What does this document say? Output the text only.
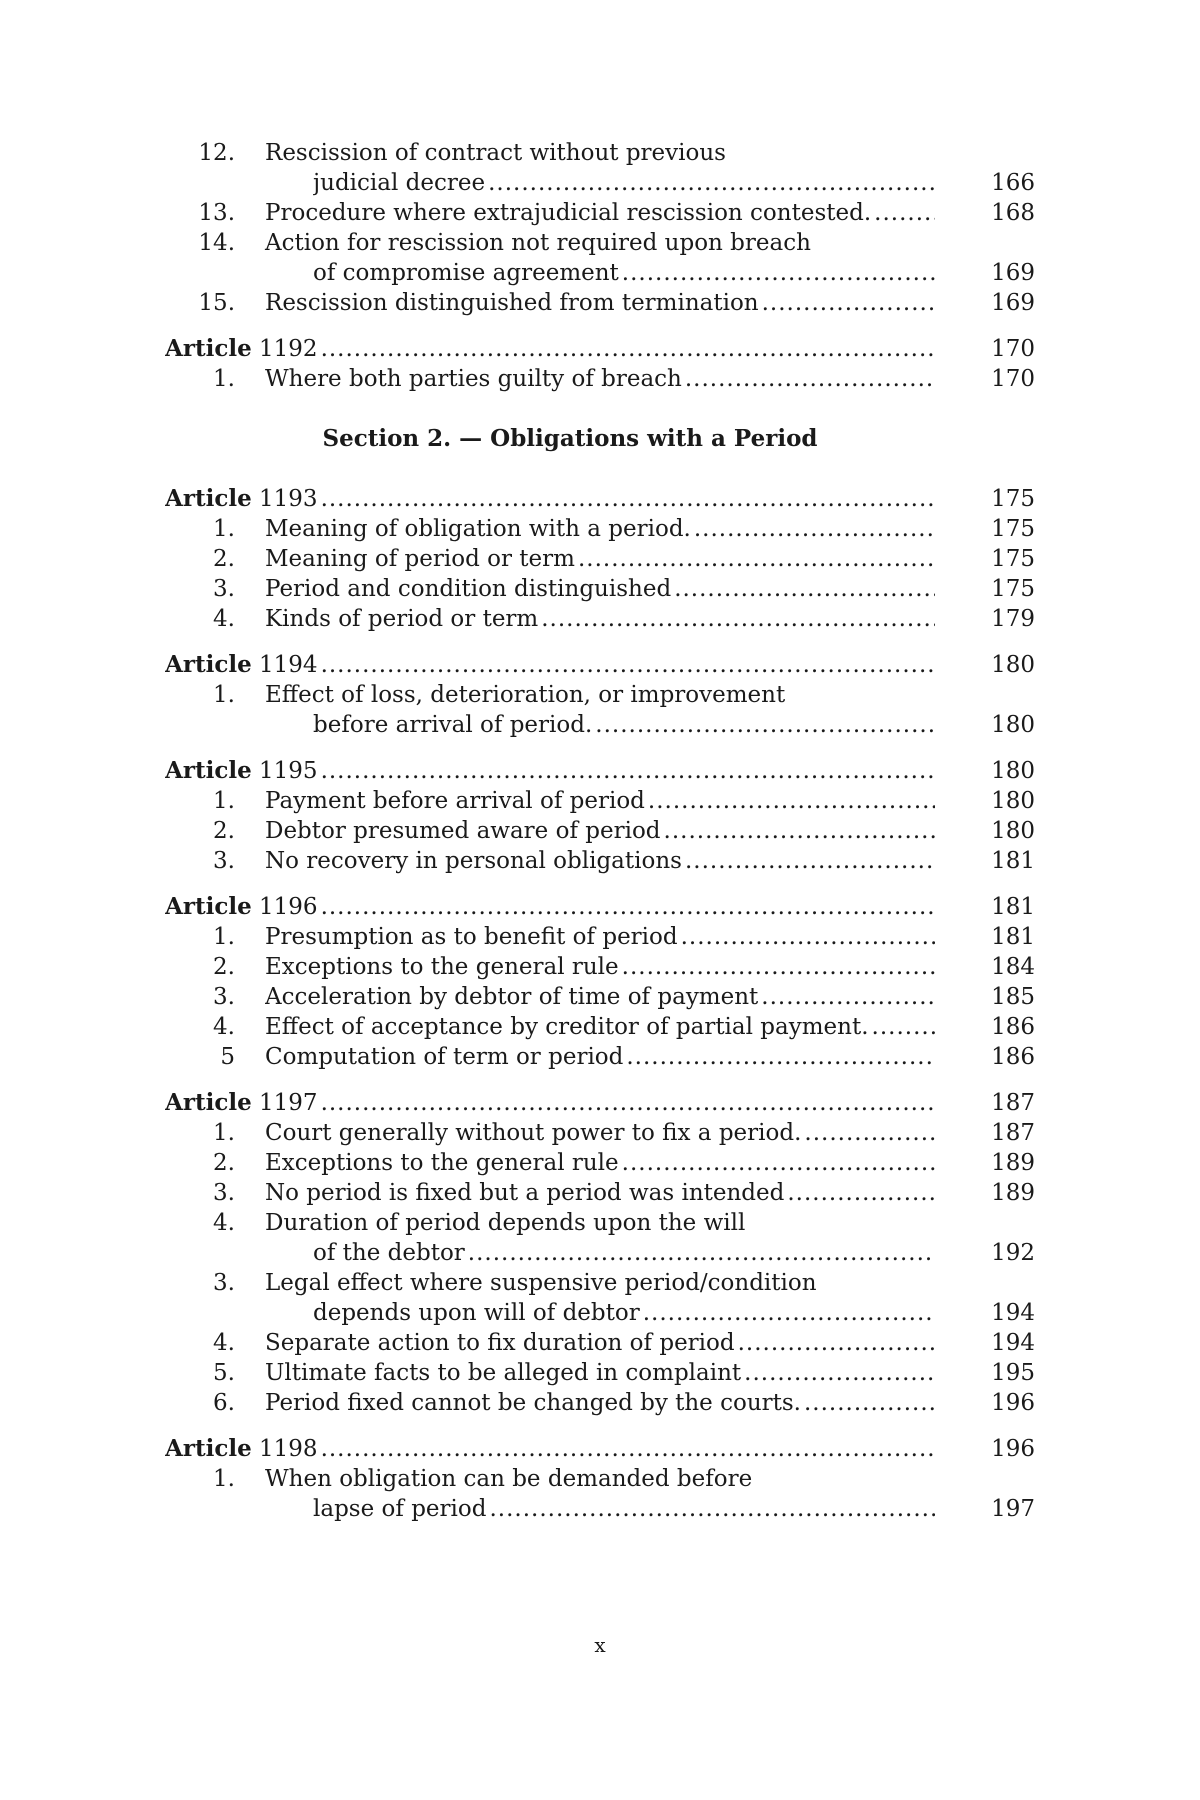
12. Rescission of contract without previous
judicial decree .....	166
13. Procedure where extrajudicial rescission contested. .....	168
14. Action for rescission not required upon breach
of compromise agreement .....	169
15. Rescission distinguished from termination .....	169
Article 1192 .....	170
1. Where both parties guilty of breach .....	170
Section 2. — Obligations with a Period
Article 1193 .....	175
1. Meaning of obligation with a period. .....	175
2. Meaning of period or term .....	175
3. Period and condition distinguished .....	175
4. Kinds of period or term .....	179
Article 1194 .....	180
1. Effect of loss, deterioration, or improvement
before arrival of period. .....	180
Article 1195 .....	180
1. Payment before arrival of period .....	180
2. Debtor presumed aware of period .....	180
3. No recovery in personal obligations .....	181
Article 1196 .....	181
1. Presumption as to benefit of period .....	181
2. Exceptions to the general rule .....	184
3. Acceleration by debtor of time of payment .....	185
4. Effect of acceptance by creditor of partial payment. .....	186
5 Computation of term or period .....	186
Article 1197 .....	187
1. Court generally without power to fix a period. .....	187
2. Exceptions to the general rule .....	189
3. No period is fixed but a period was intended .....	189
4. Duration of period depends upon the will
of the debtor .....	192
3. Legal effect where suspensive period/condition
depends upon will of debtor .....	194
4. Separate action to fix duration of period .....	194
5. Ultimate facts to be alleged in complaint .....	195
6. Period fixed cannot be changed by the courts. .....	196
Article 1198 .....	196
1. When obligation can be demanded before
lapse of period .....	197
x
